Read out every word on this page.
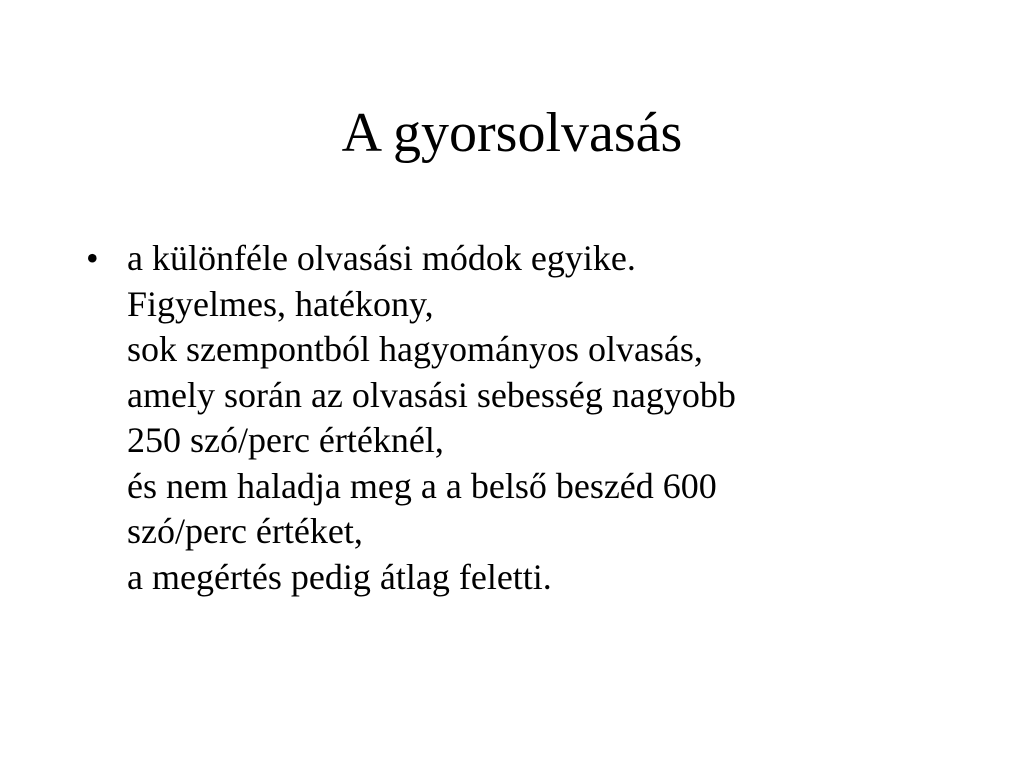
A gyorsolvasás
• a különféle olvasási módok egyike.
Figyelmes, hatékony,
sok szempontból hagyományos olvasás,
amely során az olvasási sebesség nagyobb
250 szó/perc értéknél,
és nem haladja meg a a belső beszéd 600
szó/perc értéket,
a megértés pedig átlag feletti.
